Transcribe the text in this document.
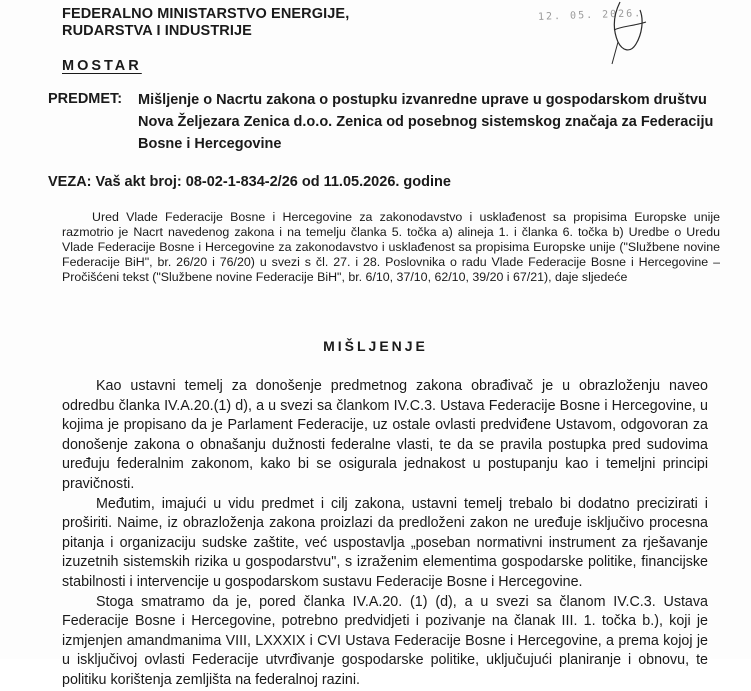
FEDERALNO MINISTARSTVO ENERGIJE,
RUDARSTVA I INDUSTRIJE
12. 05. 2026.
MOSTAR
PREDMET: Mišljenje o Nacrtu zakona o postupku izvanredne uprave u gospodarskom društvu Nova Željezara Zenica d.o.o. Zenica od posebnog sistemskog značaja za Federaciju Bosne i Hercegovine
VEZA: Vaš akt broj: 08-02-1-834-2/26 od 11.05.2026. godine
Ured Vlade Federacije Bosne i Hercegovine za zakonodavstvo i usklađenost sa propisima Europske unije razmotrio je Nacrt navedenog zakona i na temelju članka 5. točka a) alineja 1. i članka 6. točka b) Uredbe o Uredu Vlade Federacije Bosne i Hercegovine za zakonodavstvo i usklađenost sa propisima Europske unije ("Službene novine Federacije BiH", br. 26/20 i 76/20) u svezi s čl. 27. i 28. Poslovnika o radu Vlade Federacije Bosne i Hercegovine – Pročišćeni tekst ("Službene novine Federacije BiH", br. 6/10, 37/10, 62/10, 39/20 i 67/21), daje sljedeće
MIŠLJENJE

Kao ustavni temelj za donošenje predmetnog zakona obrađivač je u obrazloženju naveo odredbu članka IV.A.20.(1) d), a u svezi sa člankom IV.C.3. Ustava Federacije Bosne i Hercegovine, u kojima je propisano da je Parlament Federacije, uz ostale ovlasti predviđene Ustavom, odgovoran za donošenje zakona o obnašanju dužnosti federalne vlasti, te da se pravila postupka pred sudovima uređuju federalnim zakonom, kako bi se osigurala jednakost u postupanju kao i temeljni principi pravičnosti.

Međutim, imajući u vidu predmet i cilj zakona, ustavni temelj trebalo bi dodatno precizirati i proširiti. Naime, iz obrazloženja zakona proizlazi da predloženi zakon ne uređuje isključivo procesna pitanja i organizaciju sudske zaštite, već uspostavlja „poseban normativni instrument za rješavanje izuzetnih sistemskih rizika u gospodarstvu", s izraženim elementima gospodarske politike, financijske stabilnosti i intervencije u gospodarskom sustavu Federacije Bosne i Hercegovine.

Stoga smatramo da je, pored članka IV.A.20. (1) (d), a u svezi sa članom IV.C.3. Ustava Federacije Bosne i Hercegovine, potrebno predvidjeti i pozivanje na članak III. 1. točka b.), koji je izmjenjen amandmanima VIII, LXXXIX i CVI Ustava Federacije Bosne i Hercegovine, a prema kojoj je u isključivoj ovlasti Federacije utvrđivanje gospodarske politike, uključujući planiranje i obnovu, te politiku korištenja zemljišta na federalnoj razini.
